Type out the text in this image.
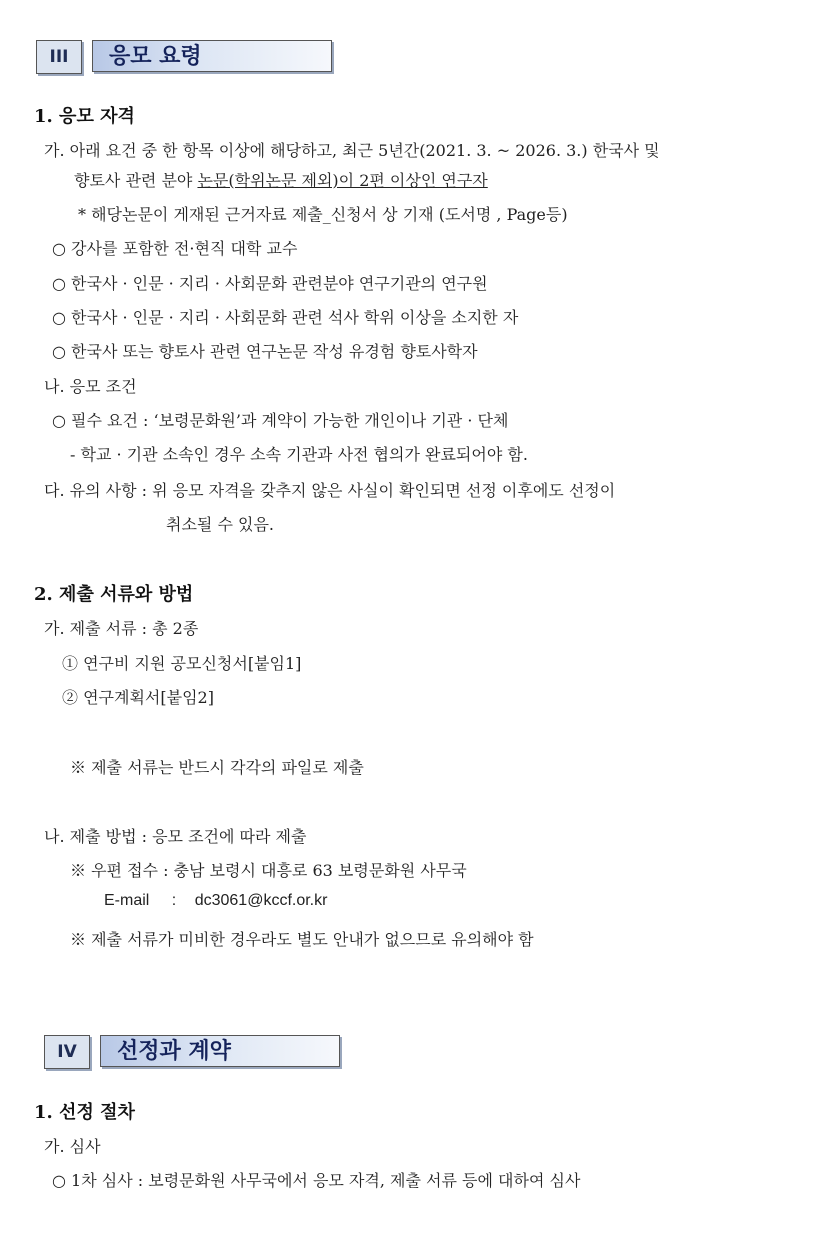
III	응모 요령
1. 응모 자격
가. 아래 요건 중 한 항목 이상에 해당하고, 최근 5년간(2021. 3. ~ 2026. 3.) 한국사 및
향토사 관련 분야 논문(학위논문 제외)이 2편 이상인 연구자
* 해당논문이 게재된 근거자료 제출_신청서 상 기재 (도서명 , Page등)
○ 강사를 포함한 전·현직 대학 교수
○ 한국사 · 인문 · 지리 · 사회문화 관련분야 연구기관의 연구원
○ 한국사 · 인문 · 지리 · 사회문화 관련 석사 학위 이상을 소지한 자
○ 한국사 또는 향토사 관련 연구논문 작성 유경험 향토사학자
나. 응모 조건
○ 필수 요건 : ‘보령문화원’과 계약이 가능한 개인이나 기관 · 단체
- 학교 · 기관 소속인 경우 소속 기관과 사전 협의가 완료되어야 함.
다. 유의 사항 : 위 응모 자격을 갖추지 않은 사실이 확인되면 선정 이후에도 선정이
취소될 수 있음.
2. 제출 서류와 방법
가. 제출 서류 : 총 2종
① 연구비 지원 공모신청서[붙임1]
② 연구계획서[붙임2]
※ 제출 서류는 반드시 각각의 파일로 제출
나. 제출 방법 : 응모 조건에 따라 제출
※ 우편 접수 : 충남 보령시 대흥로 63 보령문화원 사무국
E-mail : dc3061@kccf.or.kr
※ 제출 서류가 미비한 경우라도 별도 안내가 없으므로 유의해야 함
IV	선정과 계약
1. 선정 절차
가. 심사
○ 1차 심사 : 보령문화원 사무국에서 응모 자격, 제출 서류 등에 대하여 심사
